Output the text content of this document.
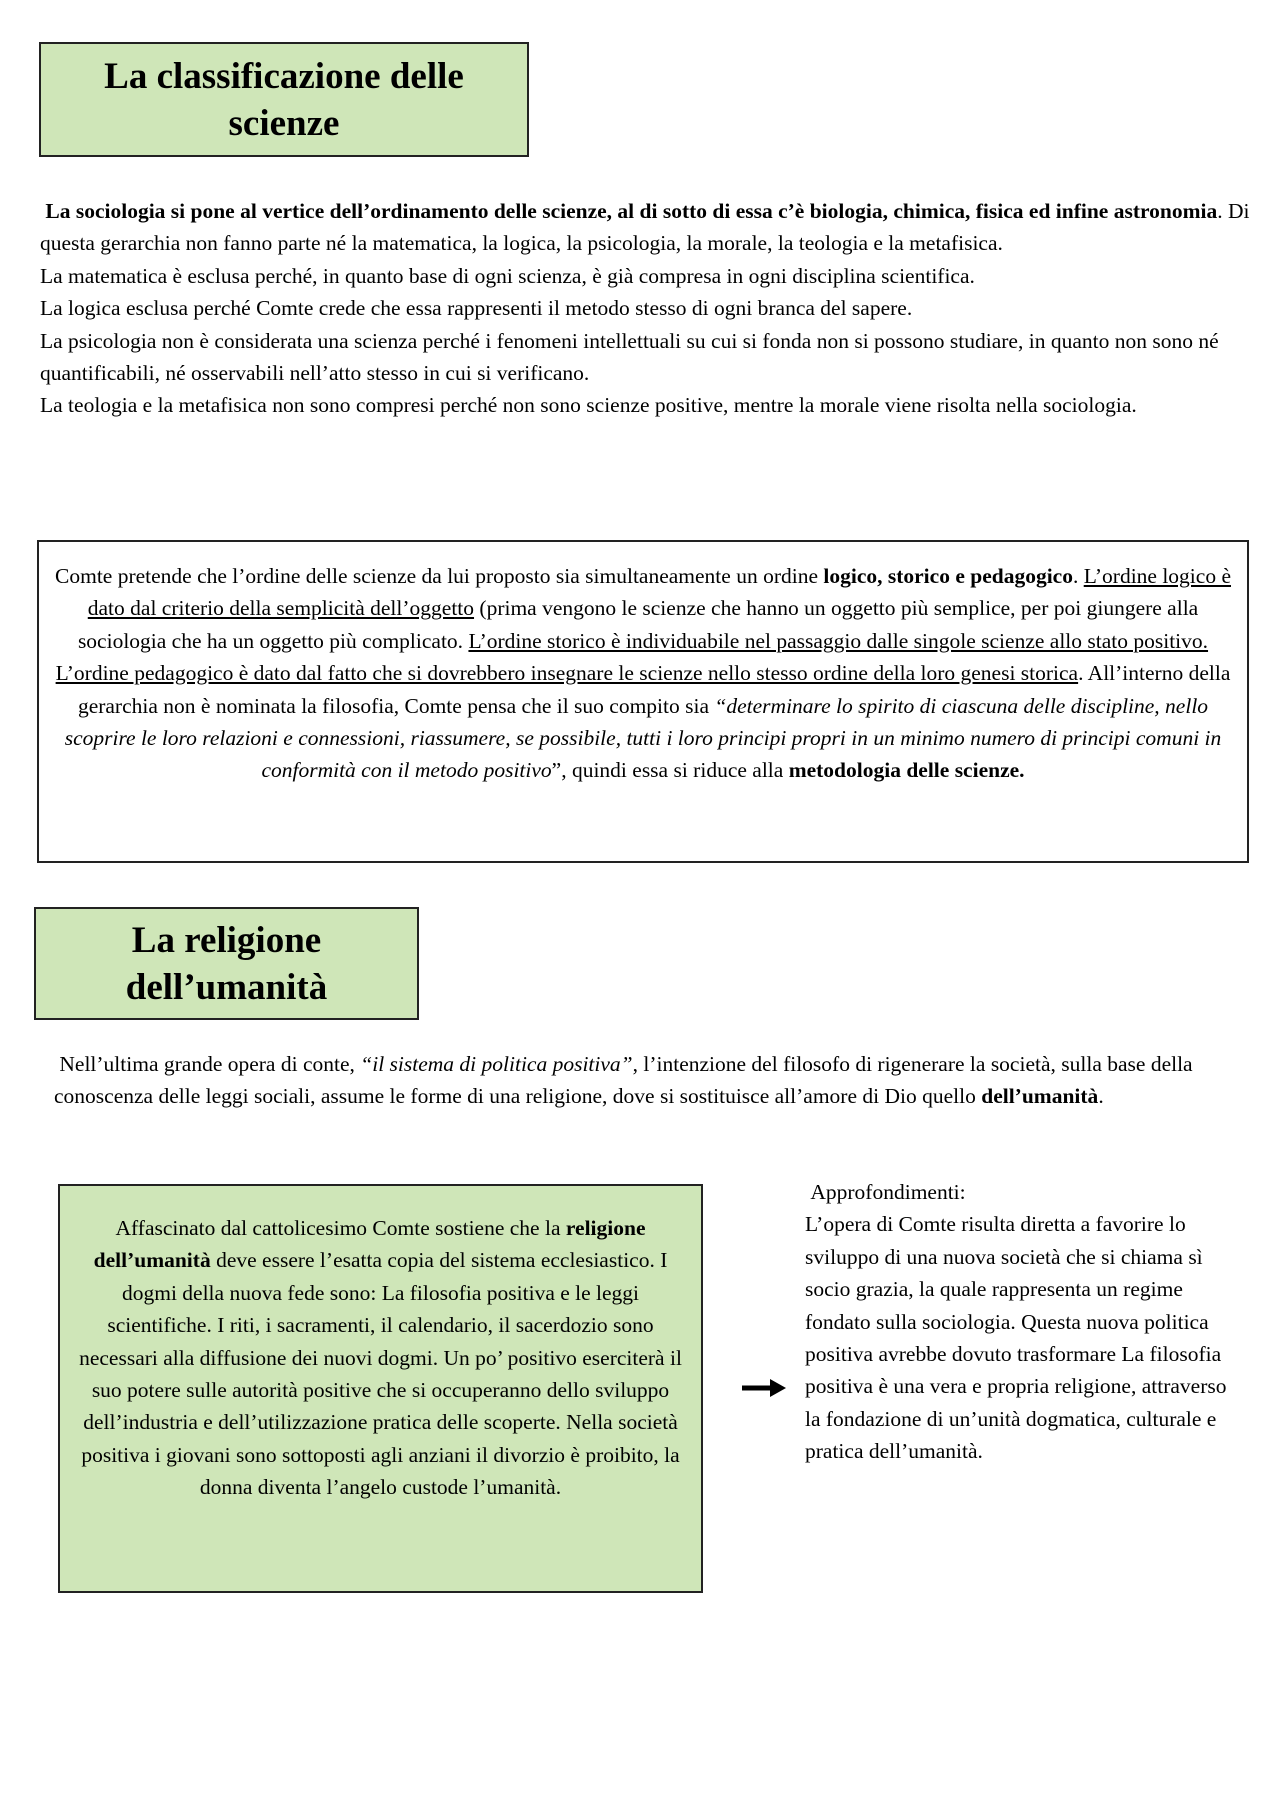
La classificazione delle
scienze
La sociologia si pone al vertice dell’ordinamento delle scienze, al di sotto di essa c’è biologia, chimica, fisica ed infine astronomia. Di questa gerarchia non fanno parte né la matematica, la logica, la psicologia, la morale, la teologia e la metafisica.
La matematica è esclusa perché, in quanto base di ogni scienza, è già compresa in ogni disciplina scientifica.
La logica esclusa perché Comte crede che essa rappresenti il metodo stesso di ogni branca del sapere.
La psicologia non è considerata una scienza perché i fenomeni intellettuali su cui si fonda non si possono studiare, in quanto non sono né quantificabili, né osservabili nell’atto stesso in cui si verificano.
La teologia e la metafisica non sono compresi perché non sono scienze positive, mentre la morale viene risolta nella sociologia.
Comte pretende che l’ordine delle scienze da lui proposto sia simultaneamente un ordine logico, storico e pedagogico. L’ordine logico è dato dal criterio della semplicità dell’oggetto (prima vengono le scienze che hanno un oggetto più semplice, per poi giungere alla sociologia che ha un oggetto più complicato. L’ordine storico è individuabile nel passaggio dalle singole scienze allo stato positivo. L’ordine pedagogico è dato dal fatto che si dovrebbero insegnare le scienze nello stesso ordine della loro genesi storica. All’interno della gerarchia non è nominata la filosofia, Comte pensa che il suo compito sia “determinare lo spirito di ciascuna delle discipline, nello scoprire le loro relazioni e connessioni, riassumere, se possibile, tutti i loro principi propri in un minimo numero di principi comuni in conformità con il metodo positivo”, quindi essa si riduce alla metodologia delle scienze.
La religione
dell’umanità
Nell’ultima grande opera di conte, “il sistema di politica positiva”, l’intenzione del filosofo di rigenerare la società, sulla base della conoscenza delle leggi sociali, assume le forme di una religione, dove si sostituisce all’amore di Dio quello dell’umanità.
Affascinato dal cattolicesimo Comte sostiene che la religione dell’umanità deve essere l’esatta copia del sistema ecclesiastico. I dogmi della nuova fede sono: La filosofia positiva e le leggi scientifiche. I riti, i sacramenti, il calendario, il sacerdozio sono necessari alla diffusione dei nuovi dogmi. Un po’ positivo eserciterà il suo potere sulle autorità positive che si occuperanno dello sviluppo dell’industria e dell’utilizzazione pratica delle scoperte. Nella società positiva i giovani sono sottoposti agli anziani il divorzio è proibito, la donna diventa l’angelo custode l’umanità.
Approfondimenti:
L’opera di Comte risulta diretta a favorire lo sviluppo di una nuova società che si chiama sì socio grazia, la quale rappresenta un regime fondato sulla sociologia. Questa nuova politica positiva avrebbe dovuto trasformare La filosofia positiva è una vera e propria religione, attraverso la fondazione di un’unità dogmatica, culturale e pratica dell’umanità.
